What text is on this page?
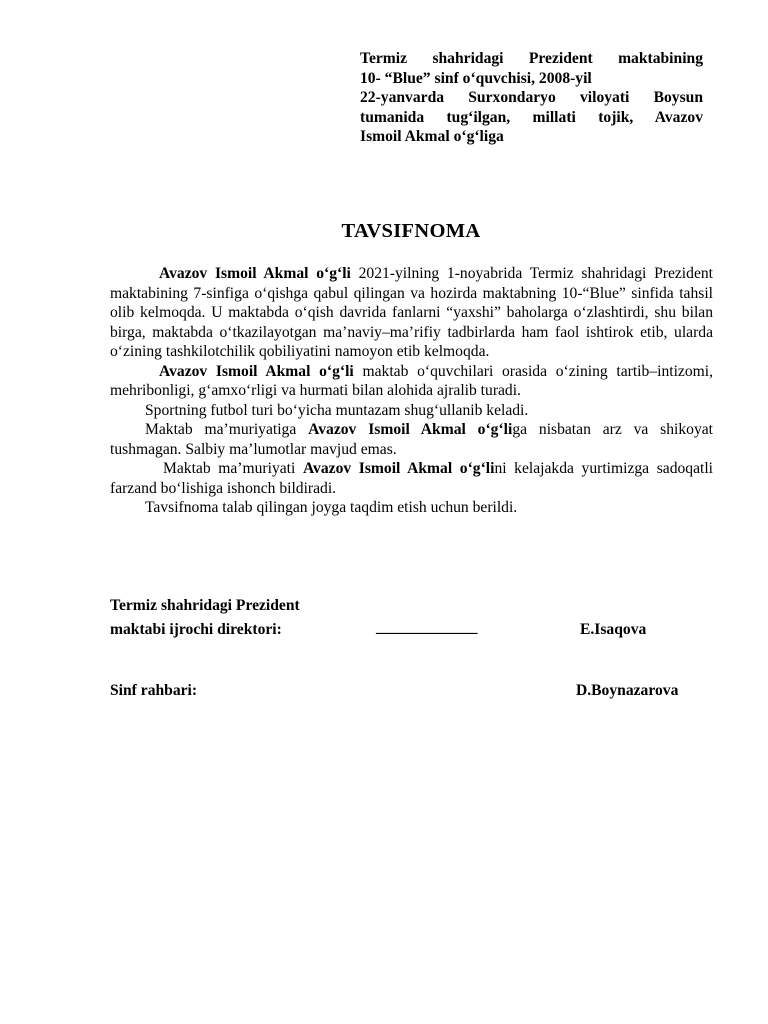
Termiz shahridagi Prezident maktabining
10- “Blue” sinf o‘quvchisi, 2008-yil
22-yanvarda Surxondaryo viloyati Boysun
tumanida tug‘ilgan, millati tojik, Avazov
Ismoil Akmal o‘g‘liga
TAVSIFNOMA

Avazov Ismoil Akmal o‘g‘li 2021-yilning 1-noyabrida Termiz shahridagi Prezident maktabining 7-sinfiga o‘qishga qabul qilingan va hozirda maktabning 10-“Blue” sinfida tahsil olib kelmoqda. U maktabda o‘qish davrida fanlarni “yaxshi” baholarga o‘zlashtirdi, shu bilan birga, maktabda o‘tkazilayotgan ma’naviy–ma’rifiy tadbirlarda ham faol ishtirok etib, ularda o‘zining tashkilotchilik qobiliyatini namoyon etib kelmoqda.

Avazov Ismoil Akmal o‘g‘li maktab o‘quvchilari orasida o‘zining tartib–intizomi, mehribonligi, g‘amxo‘rligi va hurmati bilan alohida ajralib turadi.

Sportning futbol turi bo‘yicha muntazam shug‘ullanib keladi.

Maktab ma’muriyatiga Avazov Ismoil Akmal o‘g‘liga nisbatan arz va shikoyat tushmagan. Salbiy ma’lumotlar mavjud emas.

Maktab ma’muriyati Avazov Ismoil Akmal o‘g‘lini kelajakda yurtimizga sadoqatli farzand bo‘lishiga ishonch bildiradi.

Tavsifnoma talab qilingan joyga taqdim etish uchun berildi.

Termiz shahridagi Prezident
maktabi ijrochi direktori:	_____________	E.Isaqova
Sinf rahbari:	D.Boynazarova
